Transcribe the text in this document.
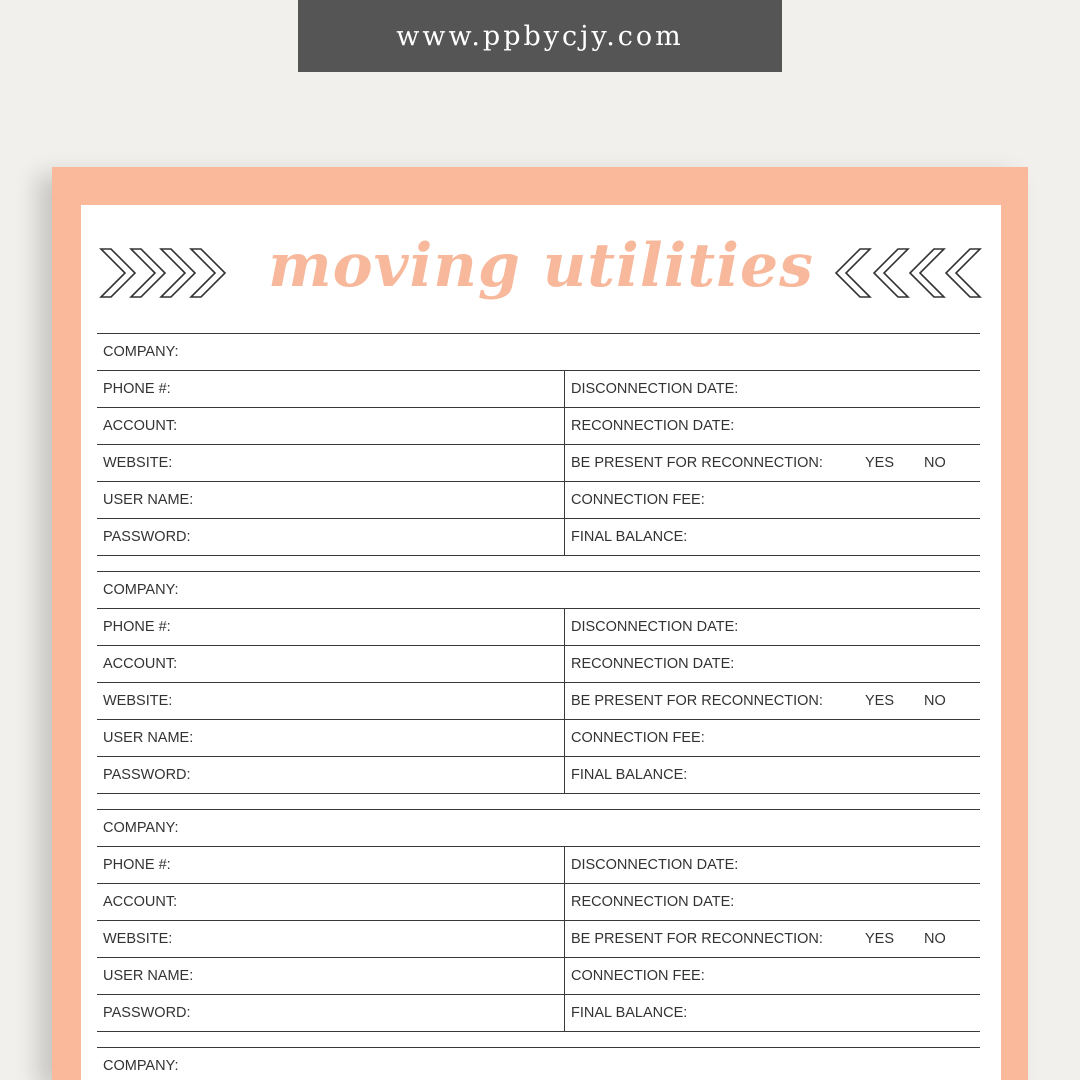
www.ppbycjy.com
moving utilities
COMPANY:
PHONE #:	DISCONNECTION DATE:
ACCOUNT:	RECONNECTION DATE:
WEBSITE:	BE PRESENT FOR RECONNECTION:	YES NO
USER NAME:	CONNECTION FEE:
PASSWORD:	FINAL BALANCE:
COMPANY:
PHONE #:	DISCONNECTION DATE:
ACCOUNT:	RECONNECTION DATE:
WEBSITE:	BE PRESENT FOR RECONNECTION:	YES NO
USER NAME:	CONNECTION FEE:
PASSWORD:	FINAL BALANCE:
COMPANY:
PHONE #:	DISCONNECTION DATE:
ACCOUNT:	RECONNECTION DATE:
WEBSITE:	BE PRESENT FOR RECONNECTION:	YES NO
USER NAME:	CONNECTION FEE:
PASSWORD:	FINAL BALANCE:
COMPANY:
